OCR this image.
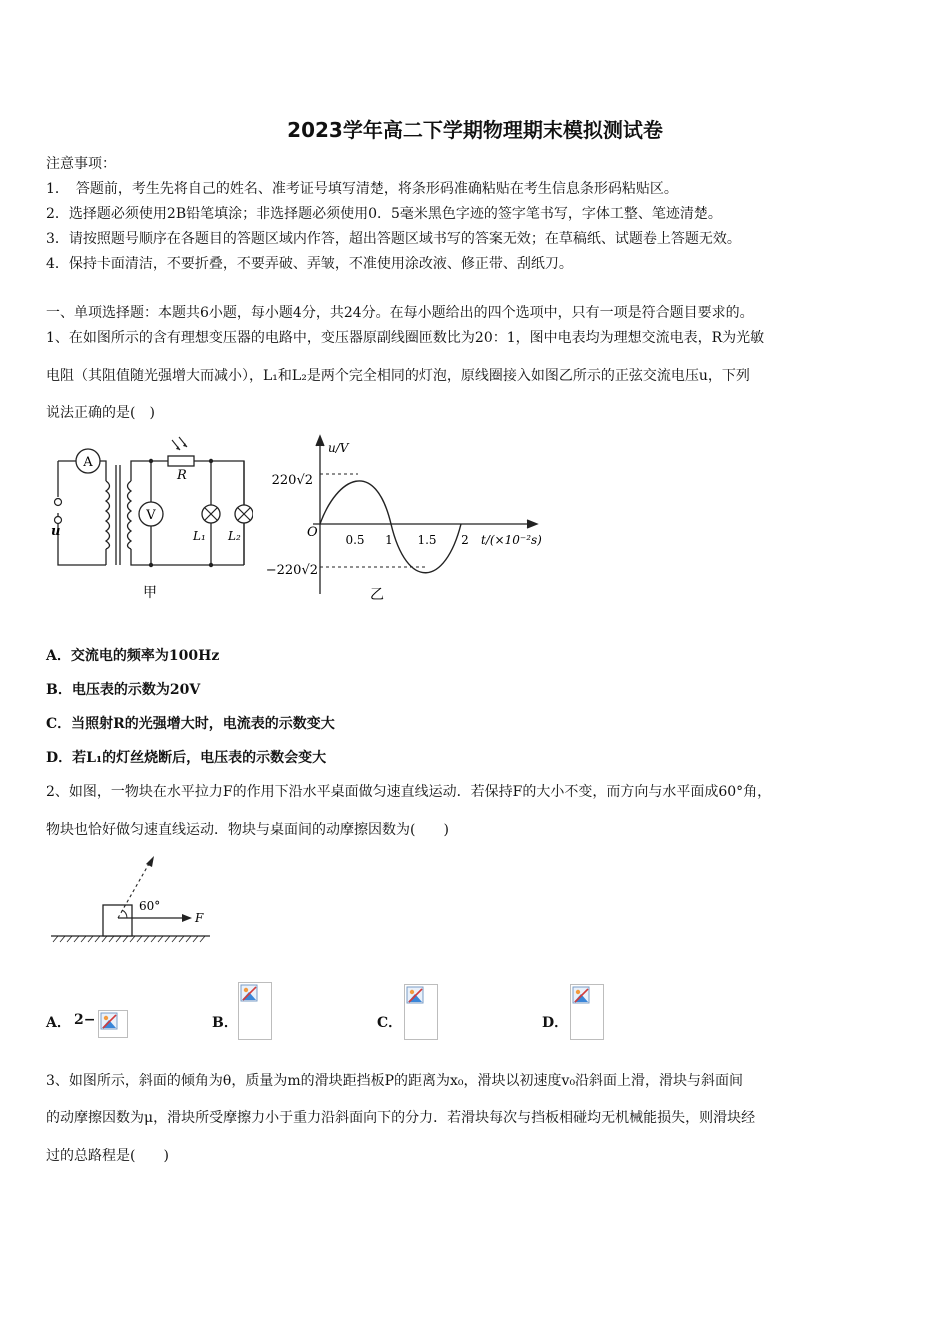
2023学年高二下学期物理期末模拟测试卷
注意事项：
1．　答题前，考生先将自己的姓名、准考证号填写清楚，将条形码准确粘贴在考生信息条形码粘贴区。
2．选择题必须使用2B铅笔填涂；非选择题必须使用0．5毫米黑色字迹的签字笔书写，字体工整、笔迹清楚。
3．请按照题号顺序在各题目的答题区域内作答，超出答题区域书写的答案无效；在草稿纸、试题卷上答题无效。
4．保持卡面清洁，不要折叠，不要弄破、弄皱，不准使用涂改液、修正带、刮纸刀。
一、单项选择题：本题共6小题，每小题4分，共24分。在每小题给出的四个选项中，只有一项是符合题目要求的。
1、在如图所示的含有理想变压器的电路中，变压器原副线圈匝数比为20：1，图中电表均为理想交流电表，R为光敏
电阻（其阻值随光强增大而减小），L₁和L₂是两个完全相同的灯泡，原线圈接入如图乙所示的正弦交流电压u，下列
说法正确的是(　)
A
V
u
R
L₁ L₂
甲
u/V
220√2
−220√2
O 0.5 1 1.5 2 t/(×10⁻²s)
乙
A．交流电的频率为100Hz
B．电压表的示数为20V
C．当照射R的光强增大时，电流表的示数变大
D．若L₁的灯丝烧断后，电压表的示数会变大
2、如图，一物块在水平拉力F的作用下沿水平桌面做匀速直线运动．若保持F的大小不变，而方向与水平面成60°角，
物块也恰好做匀速直线运动．物块与桌面间的动摩擦因数为(　　)
60°
F
A． 2−	B．	C．	D．
3、如图所示，斜面的倾角为θ，质量为m的滑块距挡板P的距离为x₀，滑块以初速度v₀沿斜面上滑，滑块与斜面间
的动摩擦因数为μ，滑块所受摩擦力小于重力沿斜面向下的分力．若滑块每次与挡板相碰均无机械能损失，则滑块经
过的总路程是(　　)
